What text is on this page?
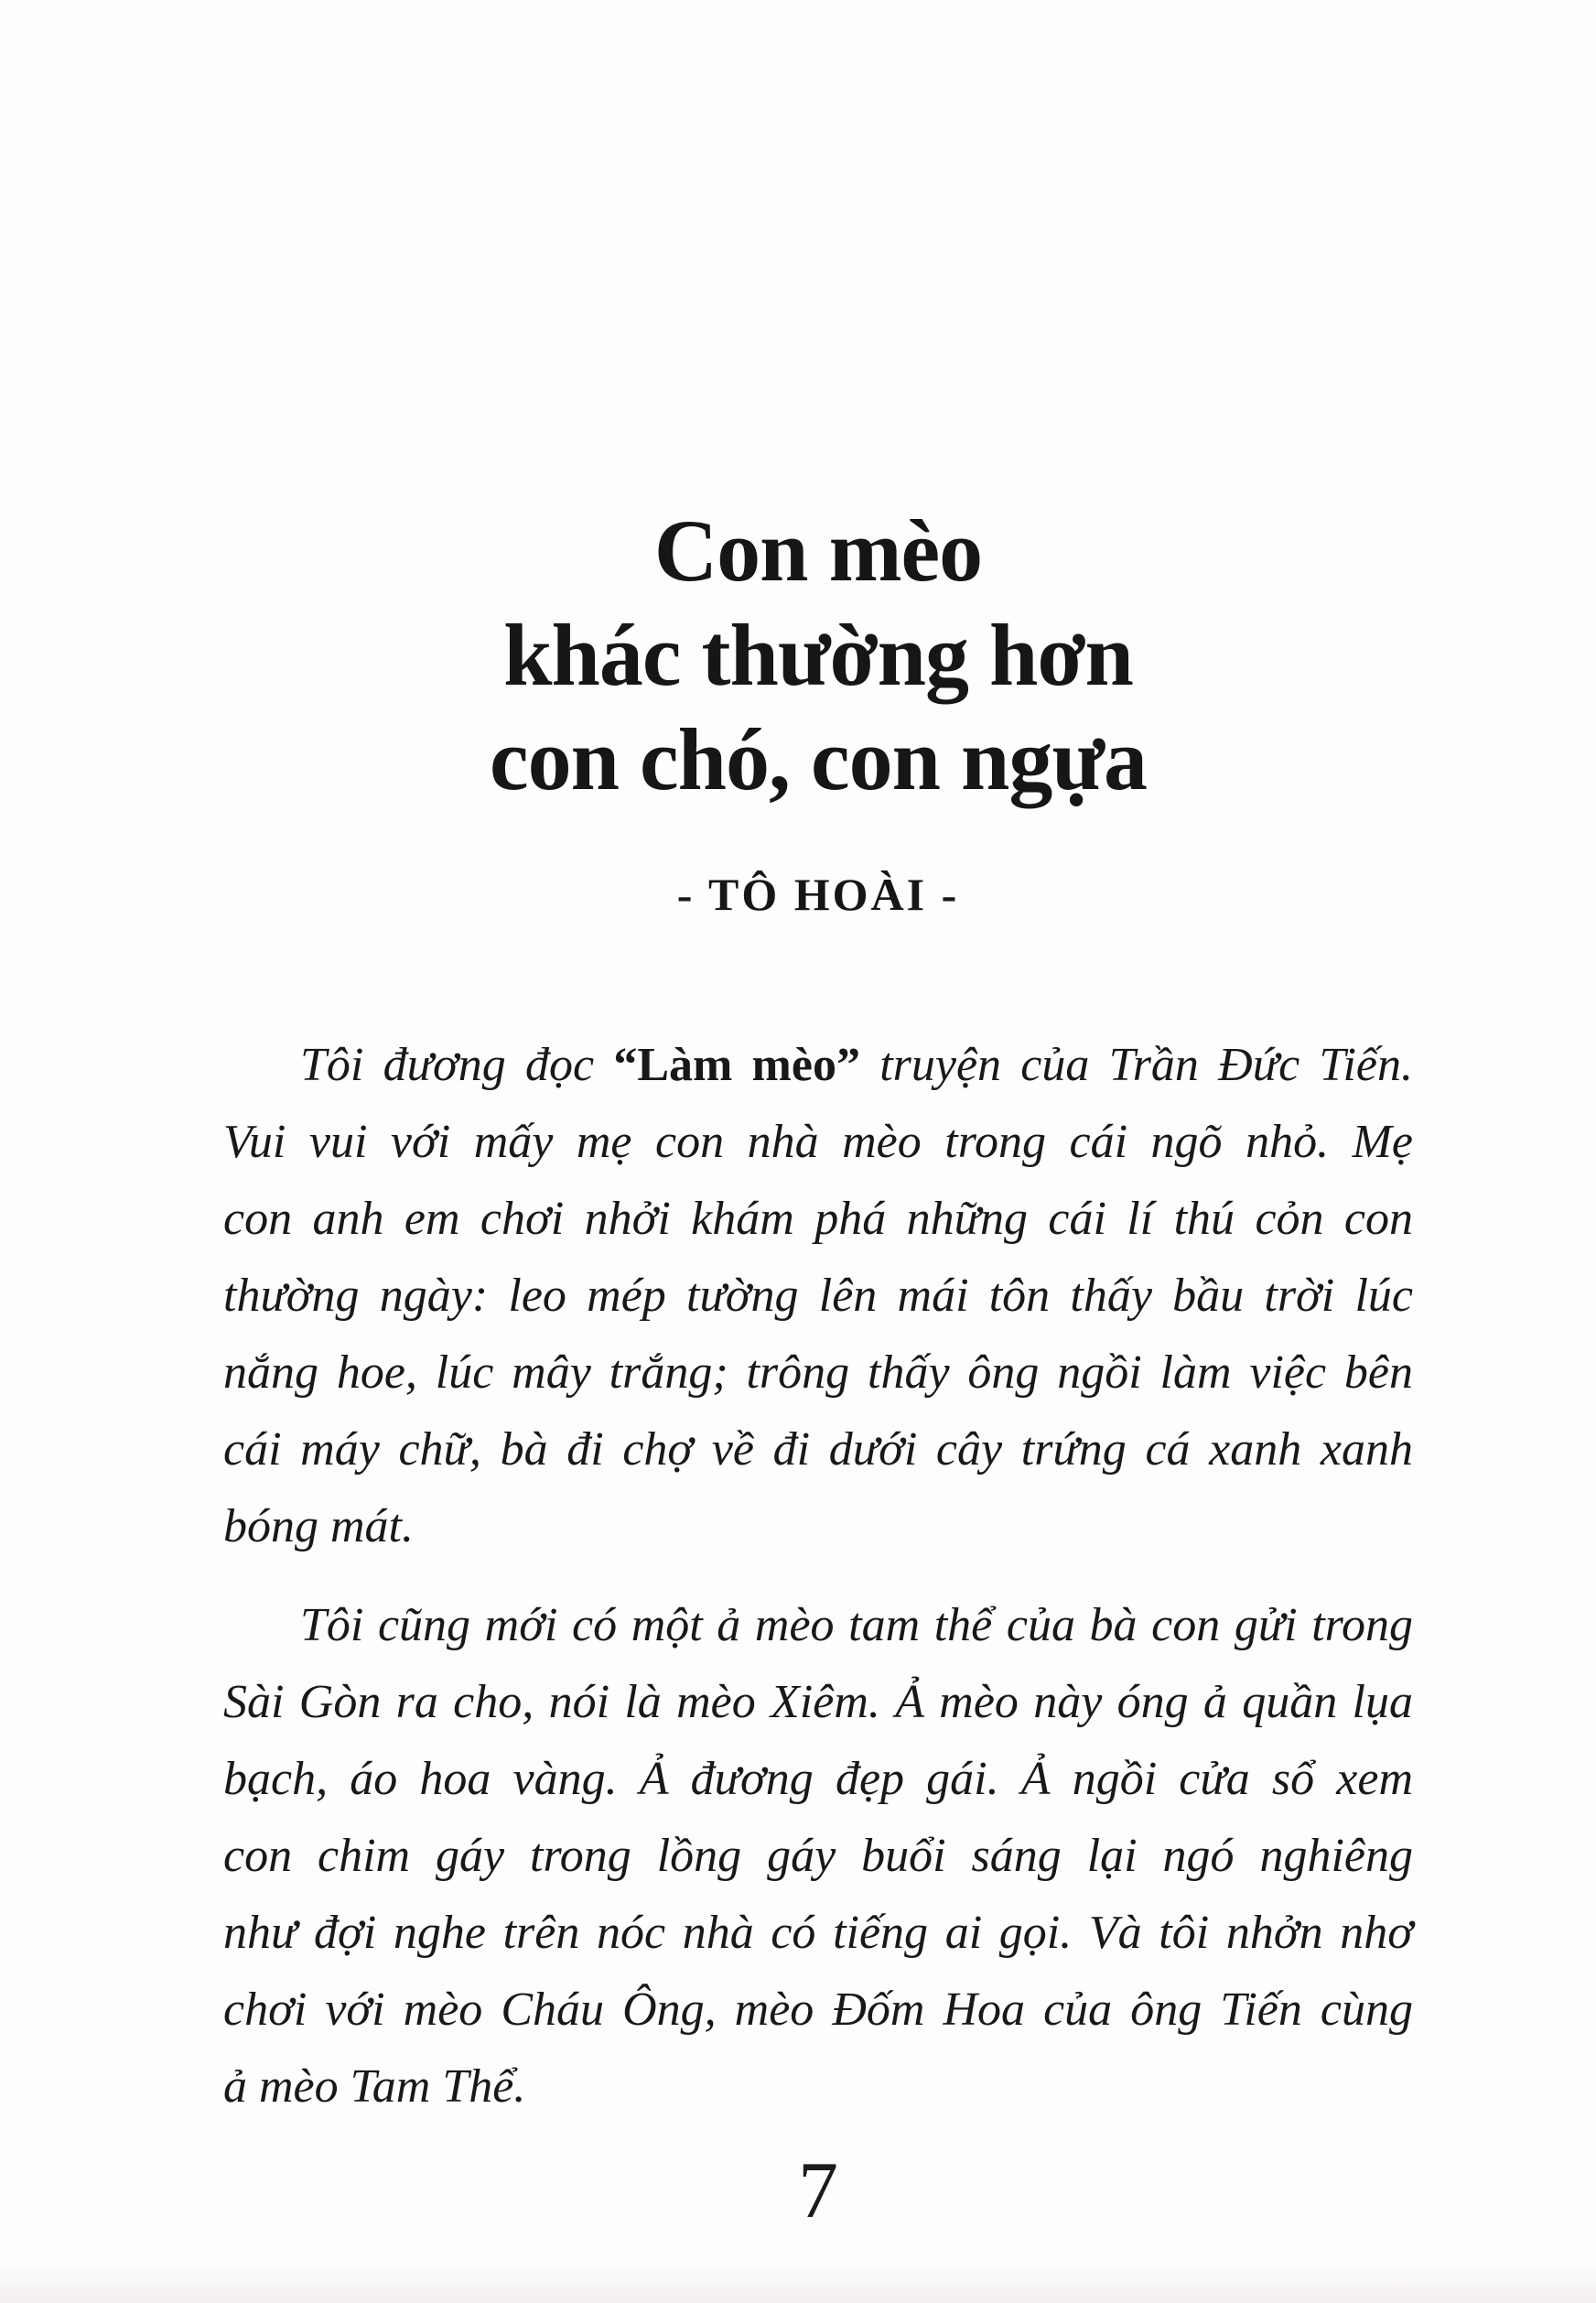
Con mèo
khác thường hơn
con chó, con ngựa
- TÔ HOÀI -
Tôi đương đọc “Làm mèo” truyện của Trần Đức Tiến.
Vui vui với mấy mẹ con nhà mèo trong cái ngõ nhỏ. Mẹ
con anh em chơi nhởi khám phá những cái lí thú cỏn con
thường ngày: leo mép tường lên mái tôn thấy bầu trời lúc
nắng hoe, lúc mây trắng; trông thấy ông ngồi làm việc bên
cái máy chữ, bà đi chợ về đi dưới cây trứng cá xanh xanh
bóng mát.
Tôi cũng mới có một ả mèo tam thể của bà con gửi trong
Sài Gòn ra cho, nói là mèo Xiêm. Ả mèo này óng ả quần lụa
bạch, áo hoa vàng. Ả đương đẹp gái. Ả ngồi cửa sổ xem
con chim gáy trong lồng gáy buổi sáng lại ngó nghiêng
như đợi nghe trên nóc nhà có tiếng ai gọi. Và tôi nhởn nhơ
chơi với mèo Cháu Ông, mèo Đốm Hoa của ông Tiến cùng
ả mèo Tam Thể.
7
